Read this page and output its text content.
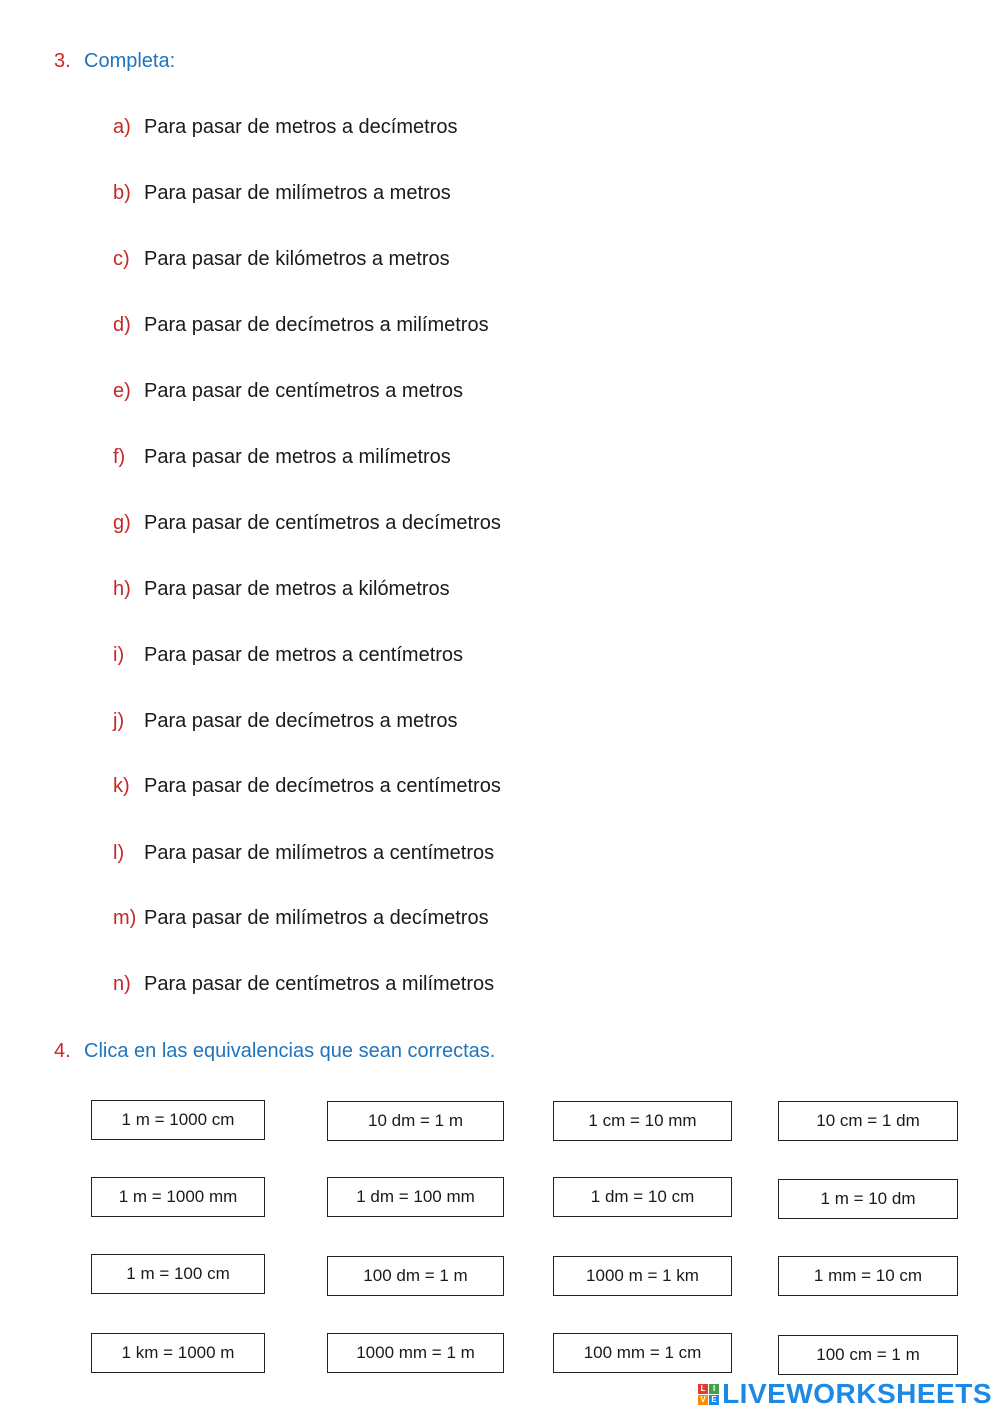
3. Completa:
a) Para pasar de metros a decímetros
b) Para pasar de milímetros a metros
c) Para pasar de kilómetros a metros
d) Para pasar de decímetros a milímetros
e) Para pasar de centímetros a metros
f) Para pasar de metros a milímetros
g) Para pasar de centímetros a decímetros
h) Para pasar de metros a kilómetros
i) Para pasar de metros a centímetros
j) Para pasar de decímetros a metros
k) Para pasar de decímetros a centímetros
l) Para pasar de milímetros a centímetros
m) Para pasar de milímetros a decímetros
n) Para pasar de centímetros a milímetros
4. Clica en las equivalencias que sean correctas.
1 m = 1000 cm	10 dm = 1 m	1 cm = 10 mm	10 cm = 1 dm
1 m = 1000 mm	1 dm = 100 mm	1 dm = 10 cm	1 m = 10 dm
1 m = 100 cm	100 dm = 1 m	1000 m = 1 km	1 mm = 10 cm
1 km = 1000 m	1000 mm = 1 m	100 mm = 1 cm	100 cm = 1 m
L I
V E LIVEWORKSHEETS
